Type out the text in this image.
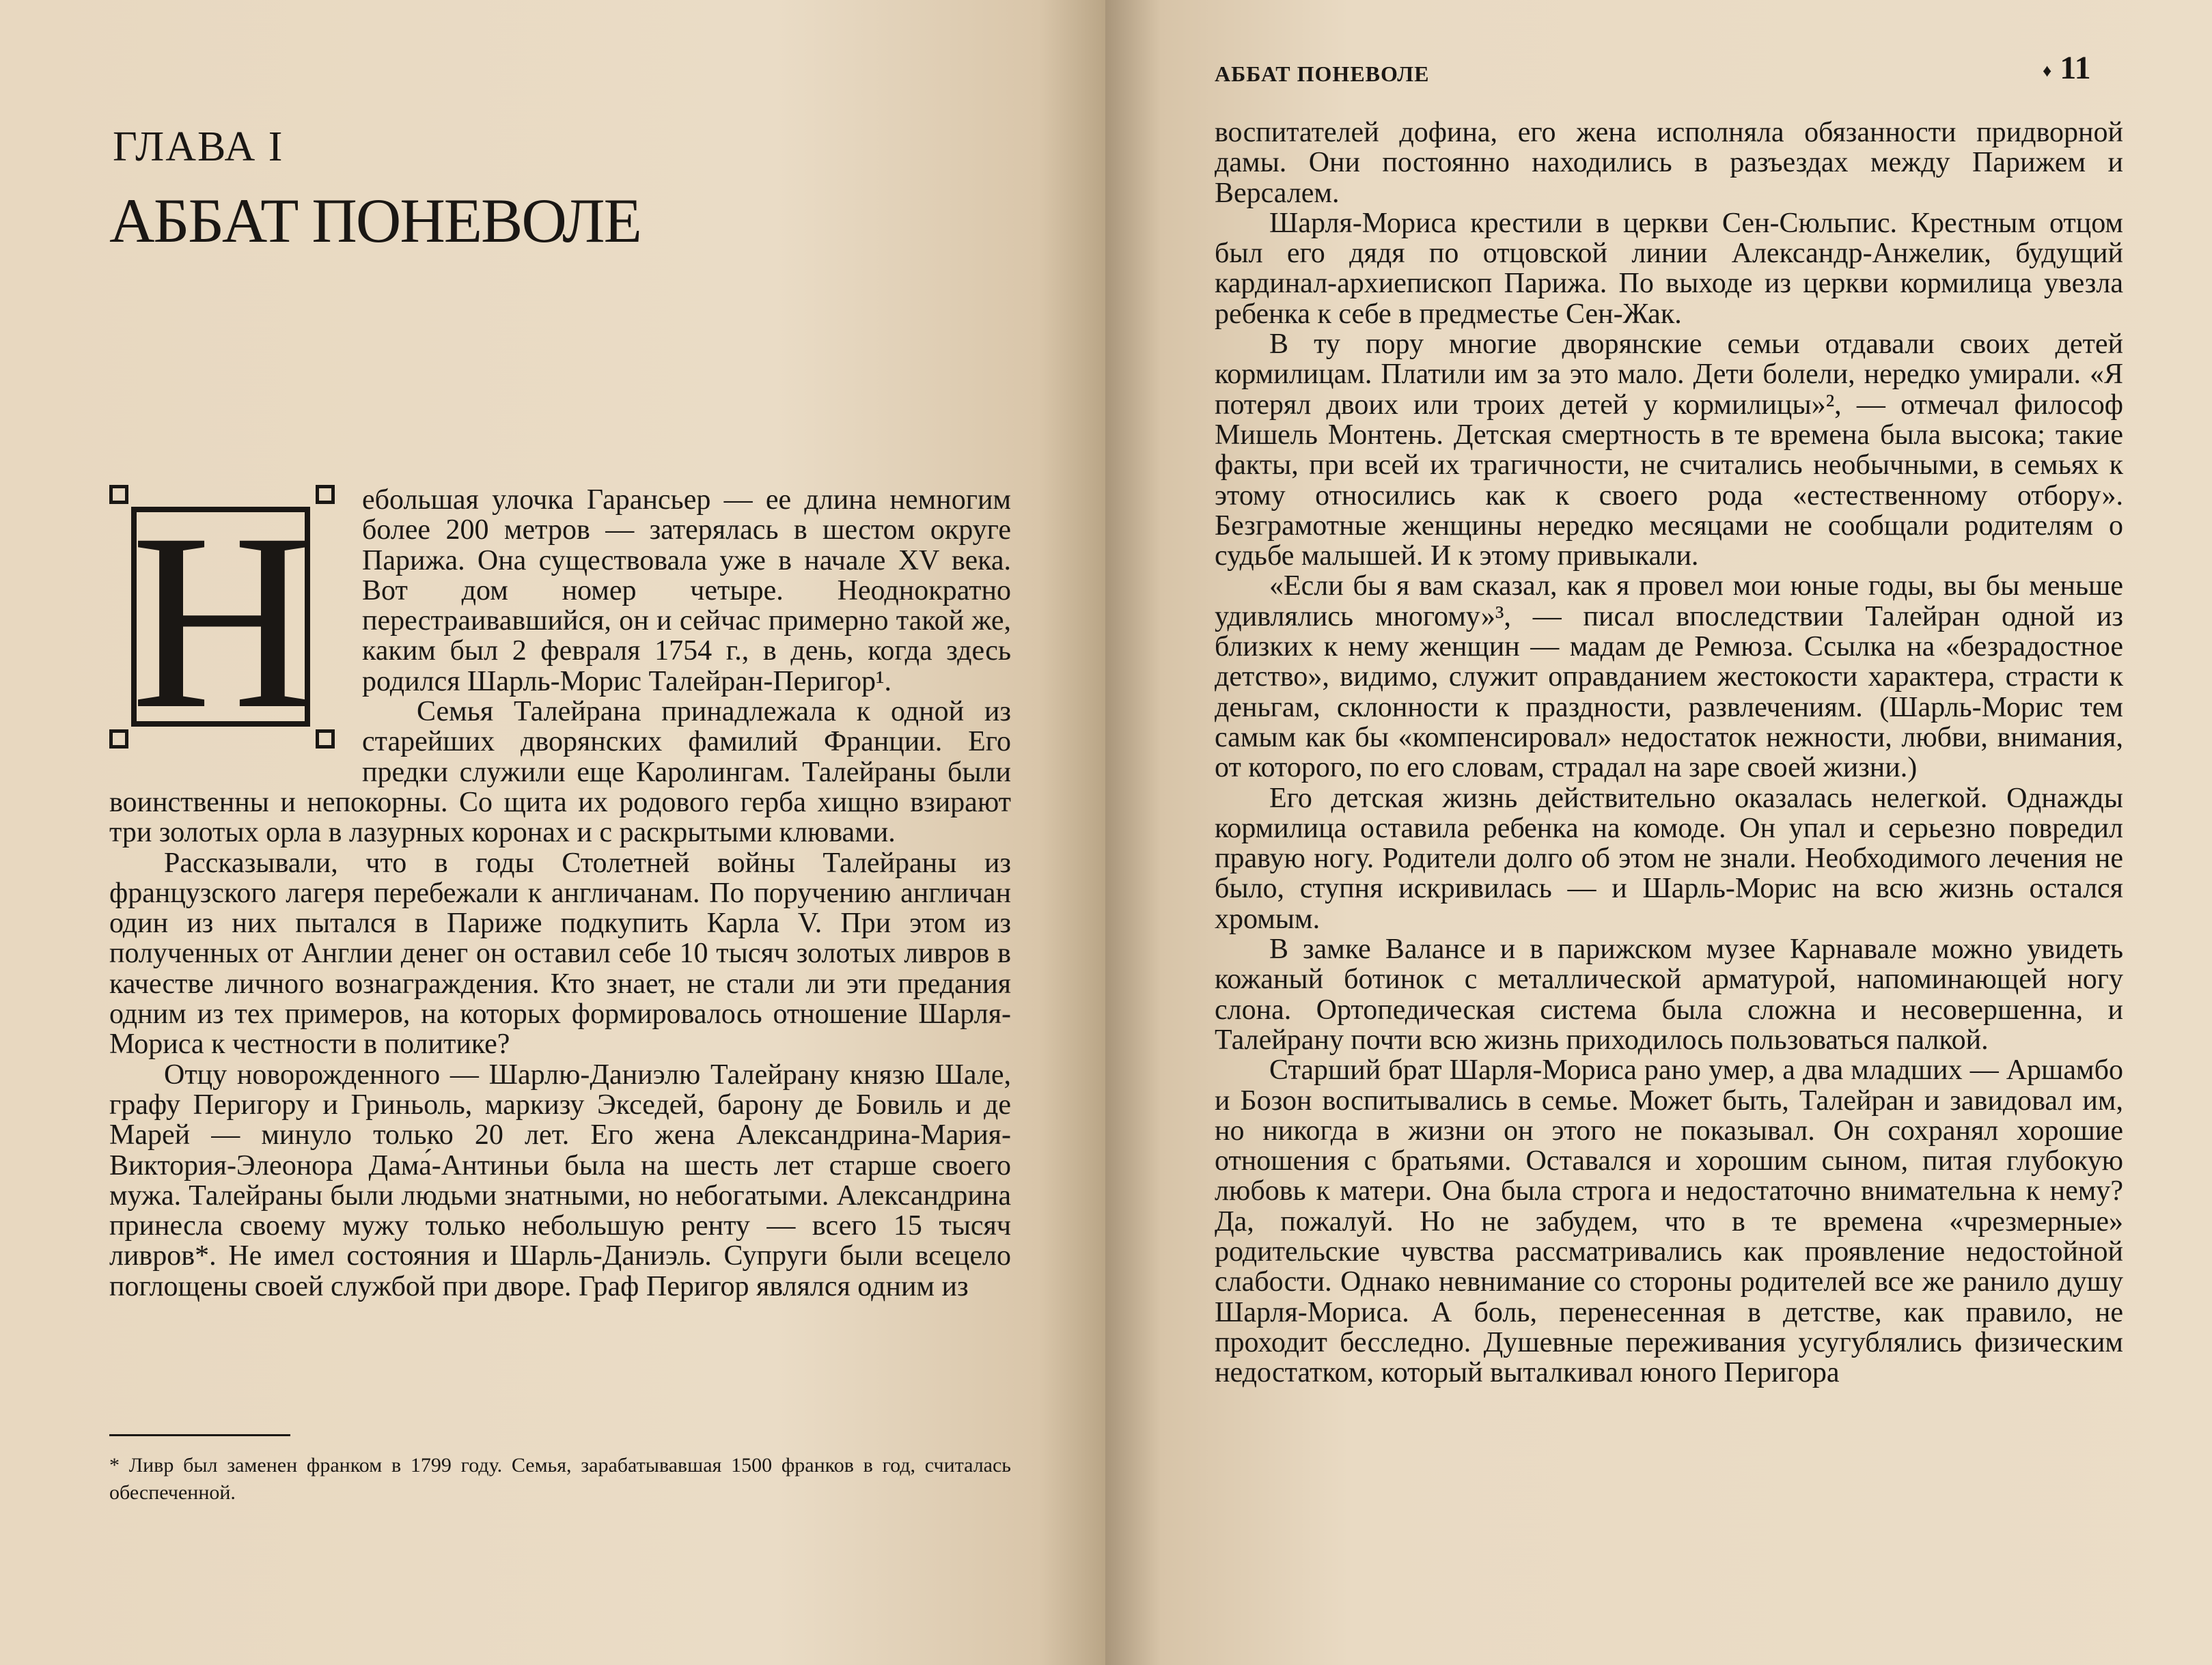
ГЛАВА I
АББАТ ПОНЕВОЛЕ
Н	ебольшая улочка Гарансьер — ее длина немногим более 200 метров — затерялась в шестом округе Парижа. Она существовала уже в начале XV века. Вот дом номер четыре. Неоднократно перестраивавшийся, он и сейчас примерно такой же, каким был 2 февраля 1754 г., в день, когда здесь родился Шарль-Морис Талейран-Перигор¹.

Семья Талейрана принадлежала к одной из старейших дворянских фамилий Франции. Его предки служили еще Каролингам. Талейраны были воинственны и непокорны. Со щита их родового герба хищно взирают три золотых орла в лазурных коронах и с раскрытыми клювами.

Рассказывали, что в годы Столетней войны Талейраны из французского лагеря перебежали к англичанам. По поручению англичан один из них пытался в Париже подкупить Карла V. При этом из полученных от Англии денег он оставил себе 10 тысяч золотых ливров в качестве личного вознаграждения. Кто знает, не стали ли эти предания одним из тех примеров, на которых формировалось отношение Шарля-Мориса к честности в политике?

Отцу новорожденного — Шарлю-Даниэлю Талейрану князю Шале, графу Перигору и Гриньоль, маркизу Экседей, барону де Бовиль и де Марей — минуло только 20 лет. Его жена Александрина-Мария-Виктория-Элеонора Дама́-Антиньи была на шесть лет старше своего мужа. Талейраны были людьми знатными, но небогатыми. Александрина принесла своему мужу только небольшую ренту — всего 15 тысяч ливров*. Не имел состояния и Шарль-Даниэль. Супруги были всецело поглощены своей службой при дворе. Граф Перигор являлся одним из

* Ливр был заменен франком в 1799 году. Семья, зарабатывавшая 1500 франков в год, считалась обеспеченной.

АББАТ ПОНЕВОЛЕ	♦ 11

воспитателей дофина, его жена исполняла обязанности придворной дамы. Они постоянно находились в разъездах между Парижем и Версалем.

Шарля-Мориса крестили в церкви Сен-Сюльпис. Крестным отцом был его дядя по отцовской линии Александр-Анжелик, будущий кардинал-архиепископ Парижа. По выходе из церкви кормилица увезла ребенка к себе в предместье Сен-Жак.

В ту пору многие дворянские семьи отдавали своих детей кормилицам. Платили им за это мало. Дети болели, нередко умирали. «Я потерял двоих или троих детей у кормилицы»², — отмечал философ Мишель Монтень. Детская смертность в те времена была высока; такие факты, при всей их трагичности, не считались необычными, в семьях к этому относились как к своего рода «естественному отбору». Безграмотные женщины нередко месяцами не сообщали родителям о судьбе малышей. И к этому привыкали.

«Если бы я вам сказал, как я провел мои юные годы, вы бы меньше удивлялись многому»³, — писал впоследствии Талейран одной из близких к нему женщин — мадам де Ремюза. Ссылка на «безрадостное детство», видимо, служит оправданием жестокости характера, страсти к деньгам, склонности к праздности, развлечениям. (Шарль-Морис тем самым как бы «компенсировал» недостаток нежности, любви, внимания, от которого, по его словам, страдал на заре своей жизни.)

Его детская жизнь действительно оказалась нелегкой. Однажды кормилица оставила ребенка на комоде. Он упал и серьезно повредил правую ногу. Родители долго об этом не знали. Необходимого лечения не было, ступня искривилась — и Шарль-Морис на всю жизнь остался хромым.

В замке Валансе и в парижском музее Карнавале можно увидеть кожаный ботинок с металлической арматурой, напоминающей ногу слона. Ортопедическая система была сложна и несовершенна, и Талейрану почти всю жизнь приходилось пользоваться палкой.

Старший брат Шарля-Мориса рано умер, а два младших — Аршамбо и Бозон воспитывались в семье. Может быть, Талейран и завидовал им, но никогда в жизни он этого не показывал. Он сохранял хорошие отношения с братьями. Оставался и хорошим сыном, питая глубокую любовь к матери. Она была строга и недостаточно внимательна к нему? Да, пожалуй. Но не забудем, что в те времена «чрезмерные» родительские чувства рассматривались как проявление недостойной слабости. Однако невнимание со стороны родителей все же ранило душу Шарля-Мориса. А боль, перенесенная в детстве, как правило, не проходит бесследно. Душевные переживания усугублялись физическим недостатком, который выталкивал юного Перигора
